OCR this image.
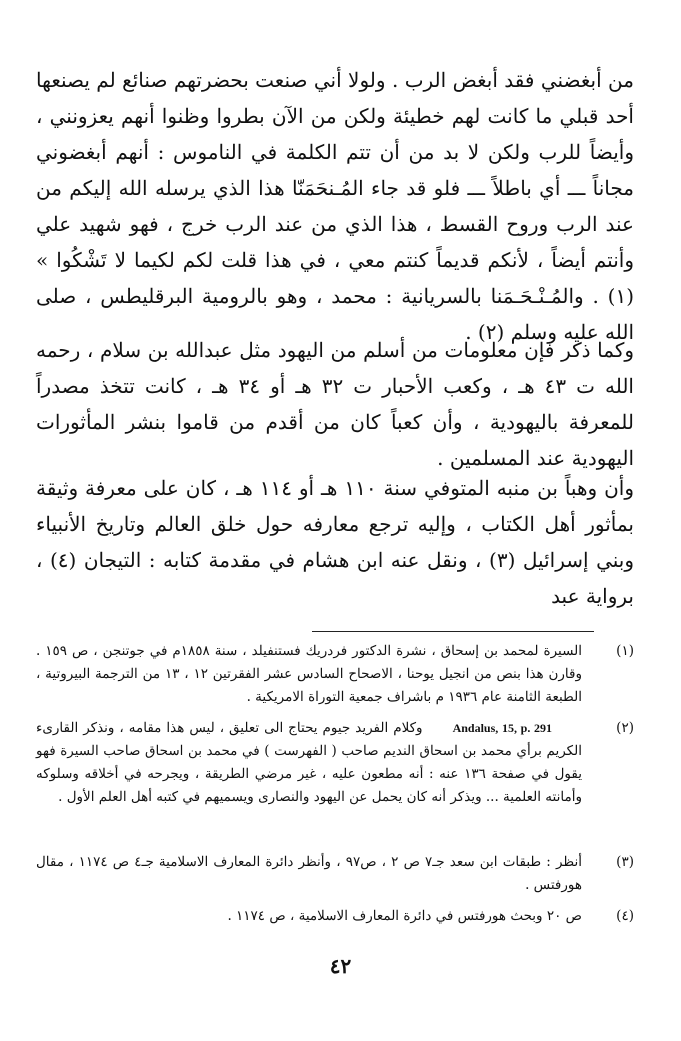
من أبغضني فقد أبغض الرب . ولولا أني صنعت بحضرتهم صنائع لم يصنعها أحد قبلي ما كانت لهم خطيئة ولكن من الآن بطروا وظنوا أنهم يعزونني ، وأيضاً للرب ولكن لا بد من أن تتم الكلمة في الناموس : أنهم أبغضوني مجاناً ـــ أي باطلاً ـــ فلو قد جاء المُـنحَمَنّا هذا الذي يرسله الله إليكم من عند الرب وروح القسط ، هذا الذي من عند الرب خرج ، فهو شهيد علي وأنتم أيضاً ، لأنكم قديماً كنتم معي ، في هذا قلت لكم لكيما لا تَشْكُوا » (١) . والمُـنْـحَـمَنا بالسريانية : محمد ، وهو بالرومية البرقليطس ، صلى الله عليه وسلم (٢) .

وكما ذكر فإن معلومات من أسلم من اليهود مثل عبدالله بن سلام ، رحمه الله ت ٤٣ هـ ، وكعب الأحبار ت ٣٢ هـ أو ٣٤ هـ ، كانت تتخذ مصدراً للمعرفة باليهودية ، وأن كعباً كان من أقدم من قاموا بنشر المأثورات اليهودية عند المسلمين .

وأن وهباً بن منبه المتوفي سنة ١١٠ هـ أو ١١٤ هـ ، كان على معرفة وثيقة بمأثور أهل الكتاب ، وإليه ترجع معارفه حول خلق العالم وتاريخ الأنبياء وبني إسرائيل (٣) ، ونقل عنه ابن هشام في مقدمة كتابه : التيجان (٤) ، برواية عبد

(١)
السيرة لمحمد بن إسحاق ، نشرة الدكتور فردريك فستنفيلد ، سنة ١٨٥٨م في جوتنجن ، ص ١٥٩ . وقارن هذا بنص من انجيل يوحنا ، الاصحاح السادس عشر الفقرتين ١٢ ، ١٣ من الترجمة البيروتية ، الطبعة الثامنة عام ١٩٣٦ م باشراف جمعية التوراة الامريكية .
(٢)
Andalus, 15, p. 291وكلام الفريد جيوم يحتاج الى تعليق ، ليس هذا مقامه ، ونذكر القارىء الكريم برأي محمد بن اسحاق النديم صاحب ( الفهرست ) في محمد بن اسحاق صاحب السيرة فهو يقول في صفحة ١٣٦ عنه : أنه مطعون عليه ، غير مرضي الطريقة ، ويجرحه في أخلاقه وسلوكه وأمانته العلمية ... ويذكر أنه كان يحمل عن اليهود والنصارى ويسميهم في كتبه أهل العلم الأول .
(٣)
أنظر : طبقات ابن سعد جـ٧ ص ٢ ، ص٩٧ ، وأنظر دائرة المعارف الاسلامية جـ٤ ص ١١٧٤ ، مقال هورفتس .
(٤)
ص ٢٠ وبحث هورفتس في دائرة المعارف الاسلامية ، ص ١١٧٤ .
٤٢
